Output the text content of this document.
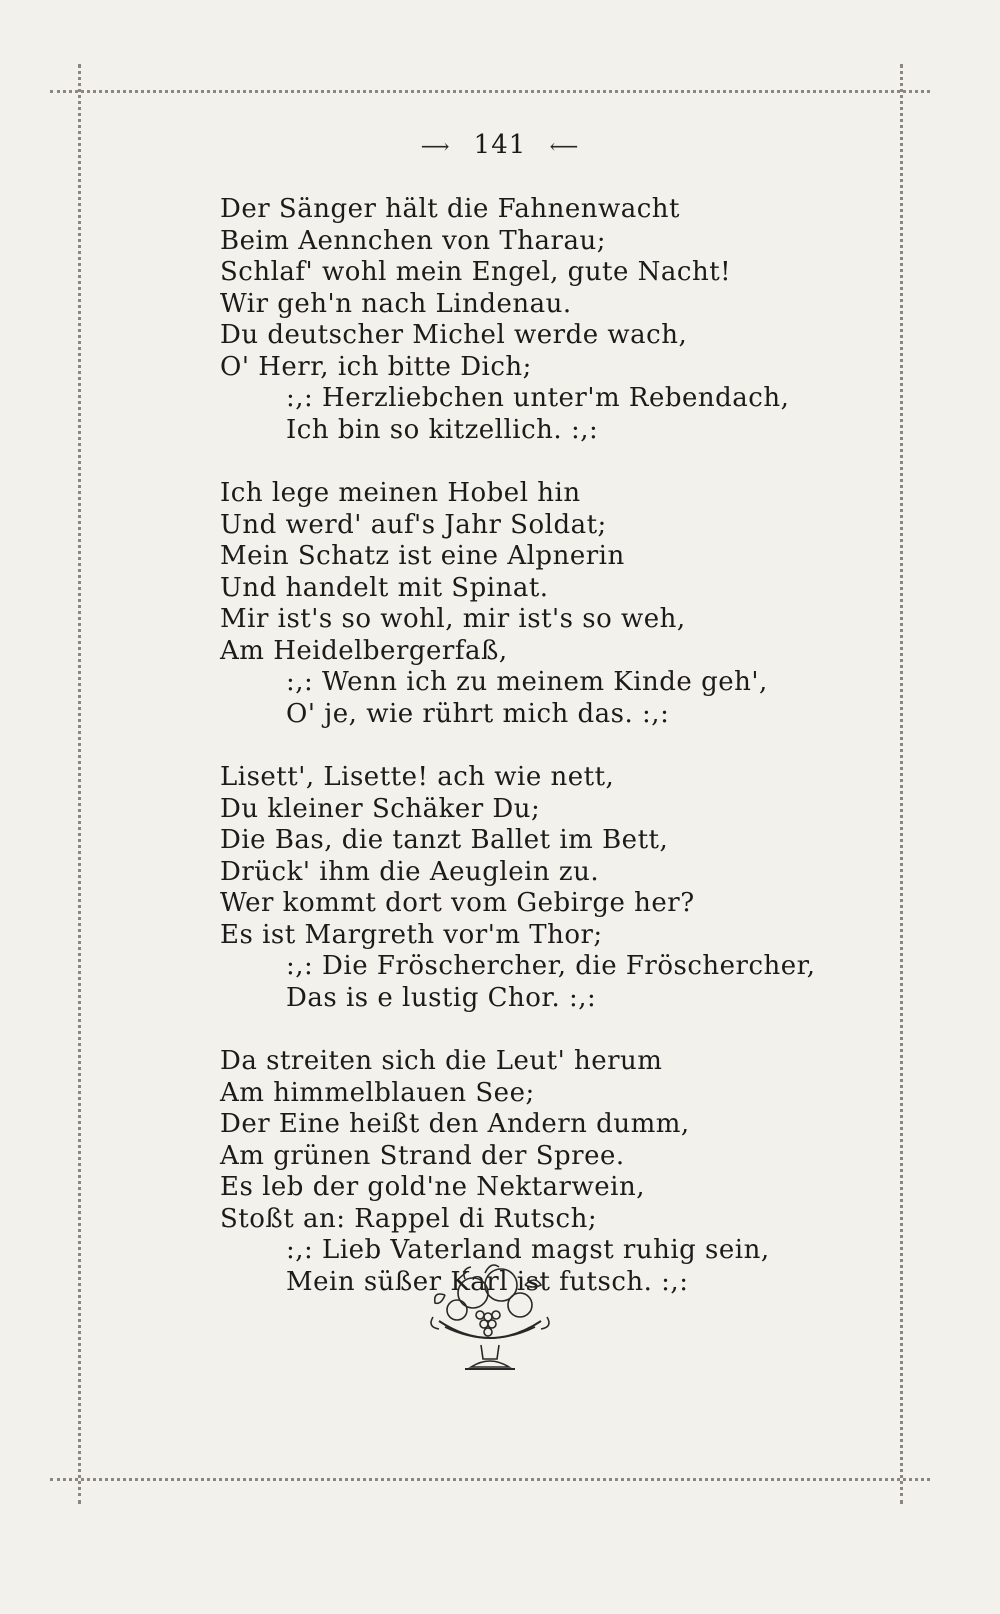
⟶ 141 ⟵
Der Sänger hält die Fahnenwacht
Beim Aennchen von Tharau;
Schlaf' wohl mein Engel, gute Nacht!
Wir geh'n nach Lindenau.
Du deutscher Michel werde wach,
O' Herr, ich bitte Dich;
:,: Herzliebchen unter'm Rebendach,
Ich bin so kitzellich. :,:
Ich lege meinen Hobel hin
Und werd' auf's Jahr Soldat;
Mein Schatz ist eine Alpnerin
Und handelt mit Spinat.
Mir ist's so wohl, mir ist's so weh,
Am Heidelbergerfaß,
:,: Wenn ich zu meinem Kinde geh',
O' je, wie rührt mich das. :,:
Lisett', Lisette! ach wie nett,
Du kleiner Schäker Du;
Die Bas, die tanzt Ballet im Bett,
Drück' ihm die Aeuglein zu.
Wer kommt dort vom Gebirge her?
Es ist Margreth vor'm Thor;
:,: Die Fröschercher, die Fröschercher,
Das is e lustig Chor. :,:
Da streiten sich die Leut' herum
Am himmelblauen See;
Der Eine heißt den Andern dumm,
Am grünen Strand der Spree.
Es leb der gold'ne Nektarwein,
Stoßt an: Rappel di Rutsch;
:,: Lieb Vaterland magst ruhig sein,
Mein süßer Karl ist futsch. :,:
